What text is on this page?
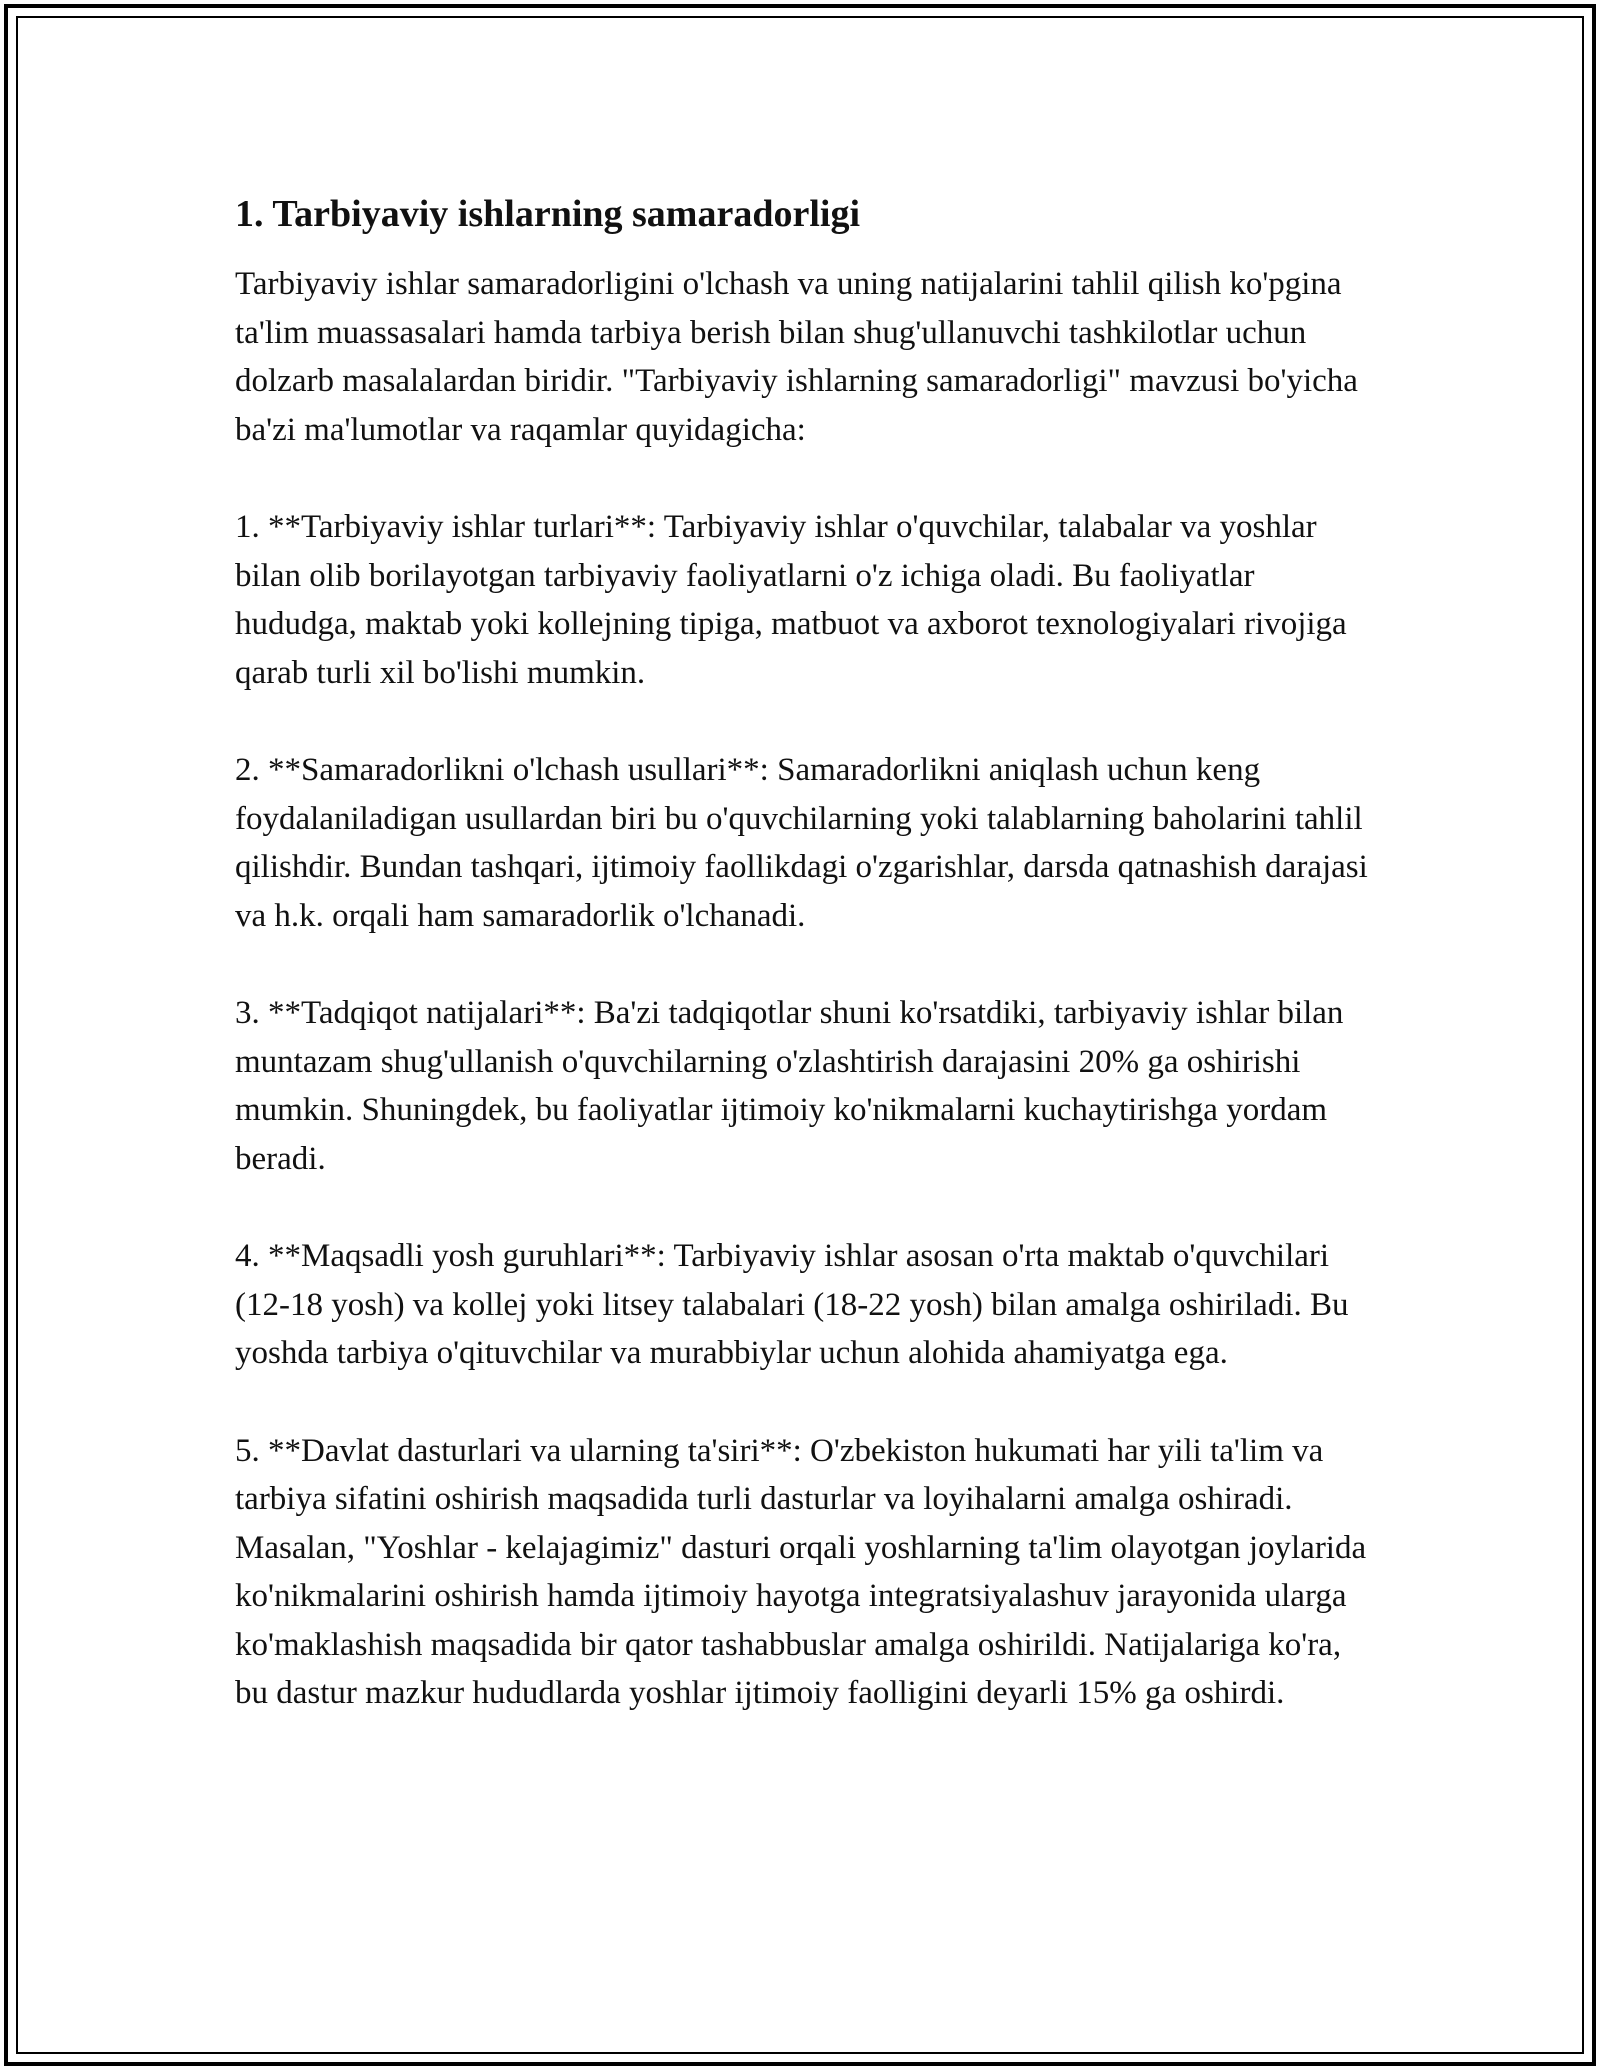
1. Tarbiyaviy ishlarning samaradorligi

Tarbiyaviy ishlar samaradorligini o'lchash va uning natijalarini tahlil qilish ko'pgina ta'lim muassasalari hamda tarbiya berish bilan shug'ullanuvchi tashkilotlar uchun dolzarb masalalardan biridir. "Tarbiyaviy ishlarning samaradorligi" mavzusi bo'yicha ba'zi ma'lumotlar va raqamlar quyidagicha:

1. **Tarbiyaviy ishlar turlari**: Tarbiyaviy ishlar o'quvchilar, talabalar va yoshlar bilan olib borilayotgan tarbiyaviy faoliyatlarni o'z ichiga oladi. Bu faoliyatlar hududga, maktab yoki kollejning tipiga, matbuot va axborot texnologiyalari rivojiga qarab turli xil bo'lishi mumkin.

2. **Samaradorlikni o'lchash usullari**: Samaradorlikni aniqlash uchun keng foydalaniladigan usullardan biri bu o'quvchilarning yoki talablarning baholarini tahlil qilishdir. Bundan tashqari, ijtimoiy faollikdagi o'zgarishlar, darsda qatnashish darajasi va h.k. orqali ham samaradorlik o'lchanadi.

3. **Tadqiqot natijalari**: Ba'zi tadqiqotlar shuni ko'rsatdiki, tarbiyaviy ishlar bilan muntazam shug'ullanish o'quvchilarning o'zlashtirish darajasini 20% ga oshirishi mumkin. Shuningdek, bu faoliyatlar ijtimoiy ko'nikmalarni kuchaytirishga yordam beradi.

4. **Maqsadli yosh guruhlari**: Tarbiyaviy ishlar asosan o'rta maktab o'quvchilari (12-18 yosh) va kollej yoki litsey talabalari (18-22 yosh) bilan amalga oshiriladi. Bu yoshda tarbiya o'qituvchilar va murabbiylar uchun alohida ahamiyatga ega.

5. **Davlat dasturlari va ularning ta'siri**: O'zbekiston hukumati har yili ta'lim va tarbiya sifatini oshirish maqsadida turli dasturlar va loyihalarni amalga oshiradi. Masalan, "Yoshlar - kelajagimiz" dasturi orqali yoshlarning ta'lim olayotgan joylarida ko'nikmalarini oshirish hamda ijtimoiy hayotga integratsiyalashuv jarayonida ularga ko'maklashish maqsadida bir qator tashabbuslar amalga oshirildi. Natijalariga ko'ra, bu dastur mazkur hududlarda yoshlar ijtimoiy faolligini deyarli 15% ga oshirdi.
